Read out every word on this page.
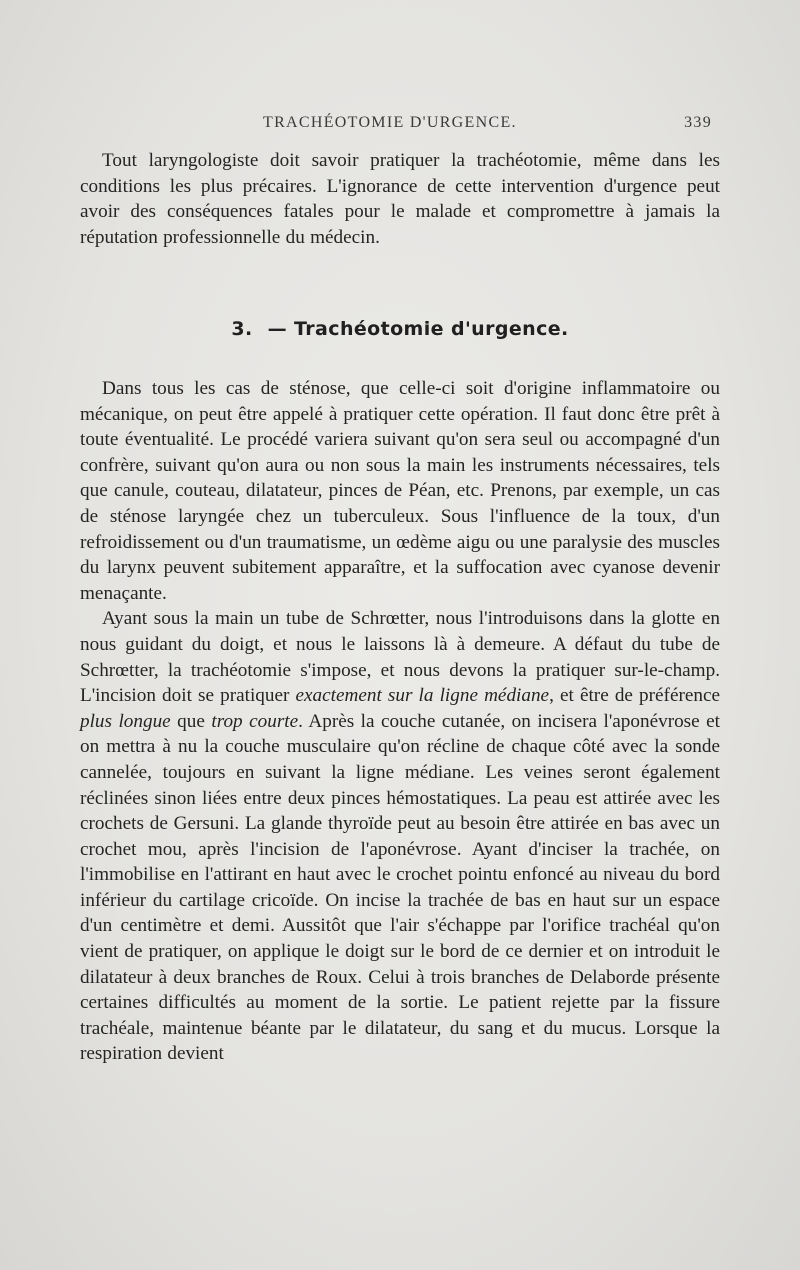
TRACHÉOTOMIE D'URGENCE.	339

Tout laryngologiste doit savoir pratiquer la trachéotomie, même dans les conditions les plus précaires. L'ignorance de cette intervention d'urgence peut avoir des conséquences fatales pour le malade et compromettre à jamais la réputation professionnelle du médecin.

3. — Trachéotomie d'urgence.

Dans tous les cas de sténose, que celle-ci soit d'origine inflammatoire ou mécanique, on peut être appelé à pratiquer cette opération. Il faut donc être prêt à toute éventualité. Le procédé variera suivant qu'on sera seul ou accompagné d'un confrère, suivant qu'on aura ou non sous la main les instruments nécessaires, tels que canule, couteau, dilatateur, pinces de Péan, etc. Prenons, par exemple, un cas de sténose laryngée chez un tuberculeux. Sous l'influence de la toux, d'un refroidissement ou d'un traumatisme, un œdème aigu ou une paralysie des muscles du larynx peuvent subitement apparaître, et la suffocation avec cyanose devenir menaçante.

Ayant sous la main un tube de Schrœtter, nous l'introduisons dans la glotte en nous guidant du doigt, et nous le laissons là à demeure. A défaut du tube de Schrœtter, la trachéotomie s'impose, et nous devons la pratiquer sur-le-champ. L'incision doit se pratiquer exactement sur la ligne médiane, et être de préférence plus longue que trop courte. Après la couche cutanée, on incisera l'aponévrose et on mettra à nu la couche musculaire qu'on récline de chaque côté avec la sonde cannelée, toujours en suivant la ligne médiane. Les veines seront également réclinées sinon liées entre deux pinces hémostatiques. La peau est attirée avec les crochets de Gersuni. La glande thyroïde peut au besoin être attirée en bas avec un crochet mou, après l'incision de l'aponévrose. Ayant d'inciser la trachée, on l'immobilise en l'attirant en haut avec le crochet pointu enfoncé au niveau du bord inférieur du cartilage cricoïde. On incise la trachée de bas en haut sur un espace d'un centimètre et demi. Aussitôt que l'air s'échappe par l'orifice trachéal qu'on vient de pratiquer, on applique le doigt sur le bord de ce dernier et on introduit le dilatateur à deux branches de Roux. Celui à trois branches de Delaborde présente certaines difficultés au moment de la sortie. Le patient rejette par la fissure trachéale, maintenue béante par le dilatateur, du sang et du mucus. Lorsque la respiration devient
